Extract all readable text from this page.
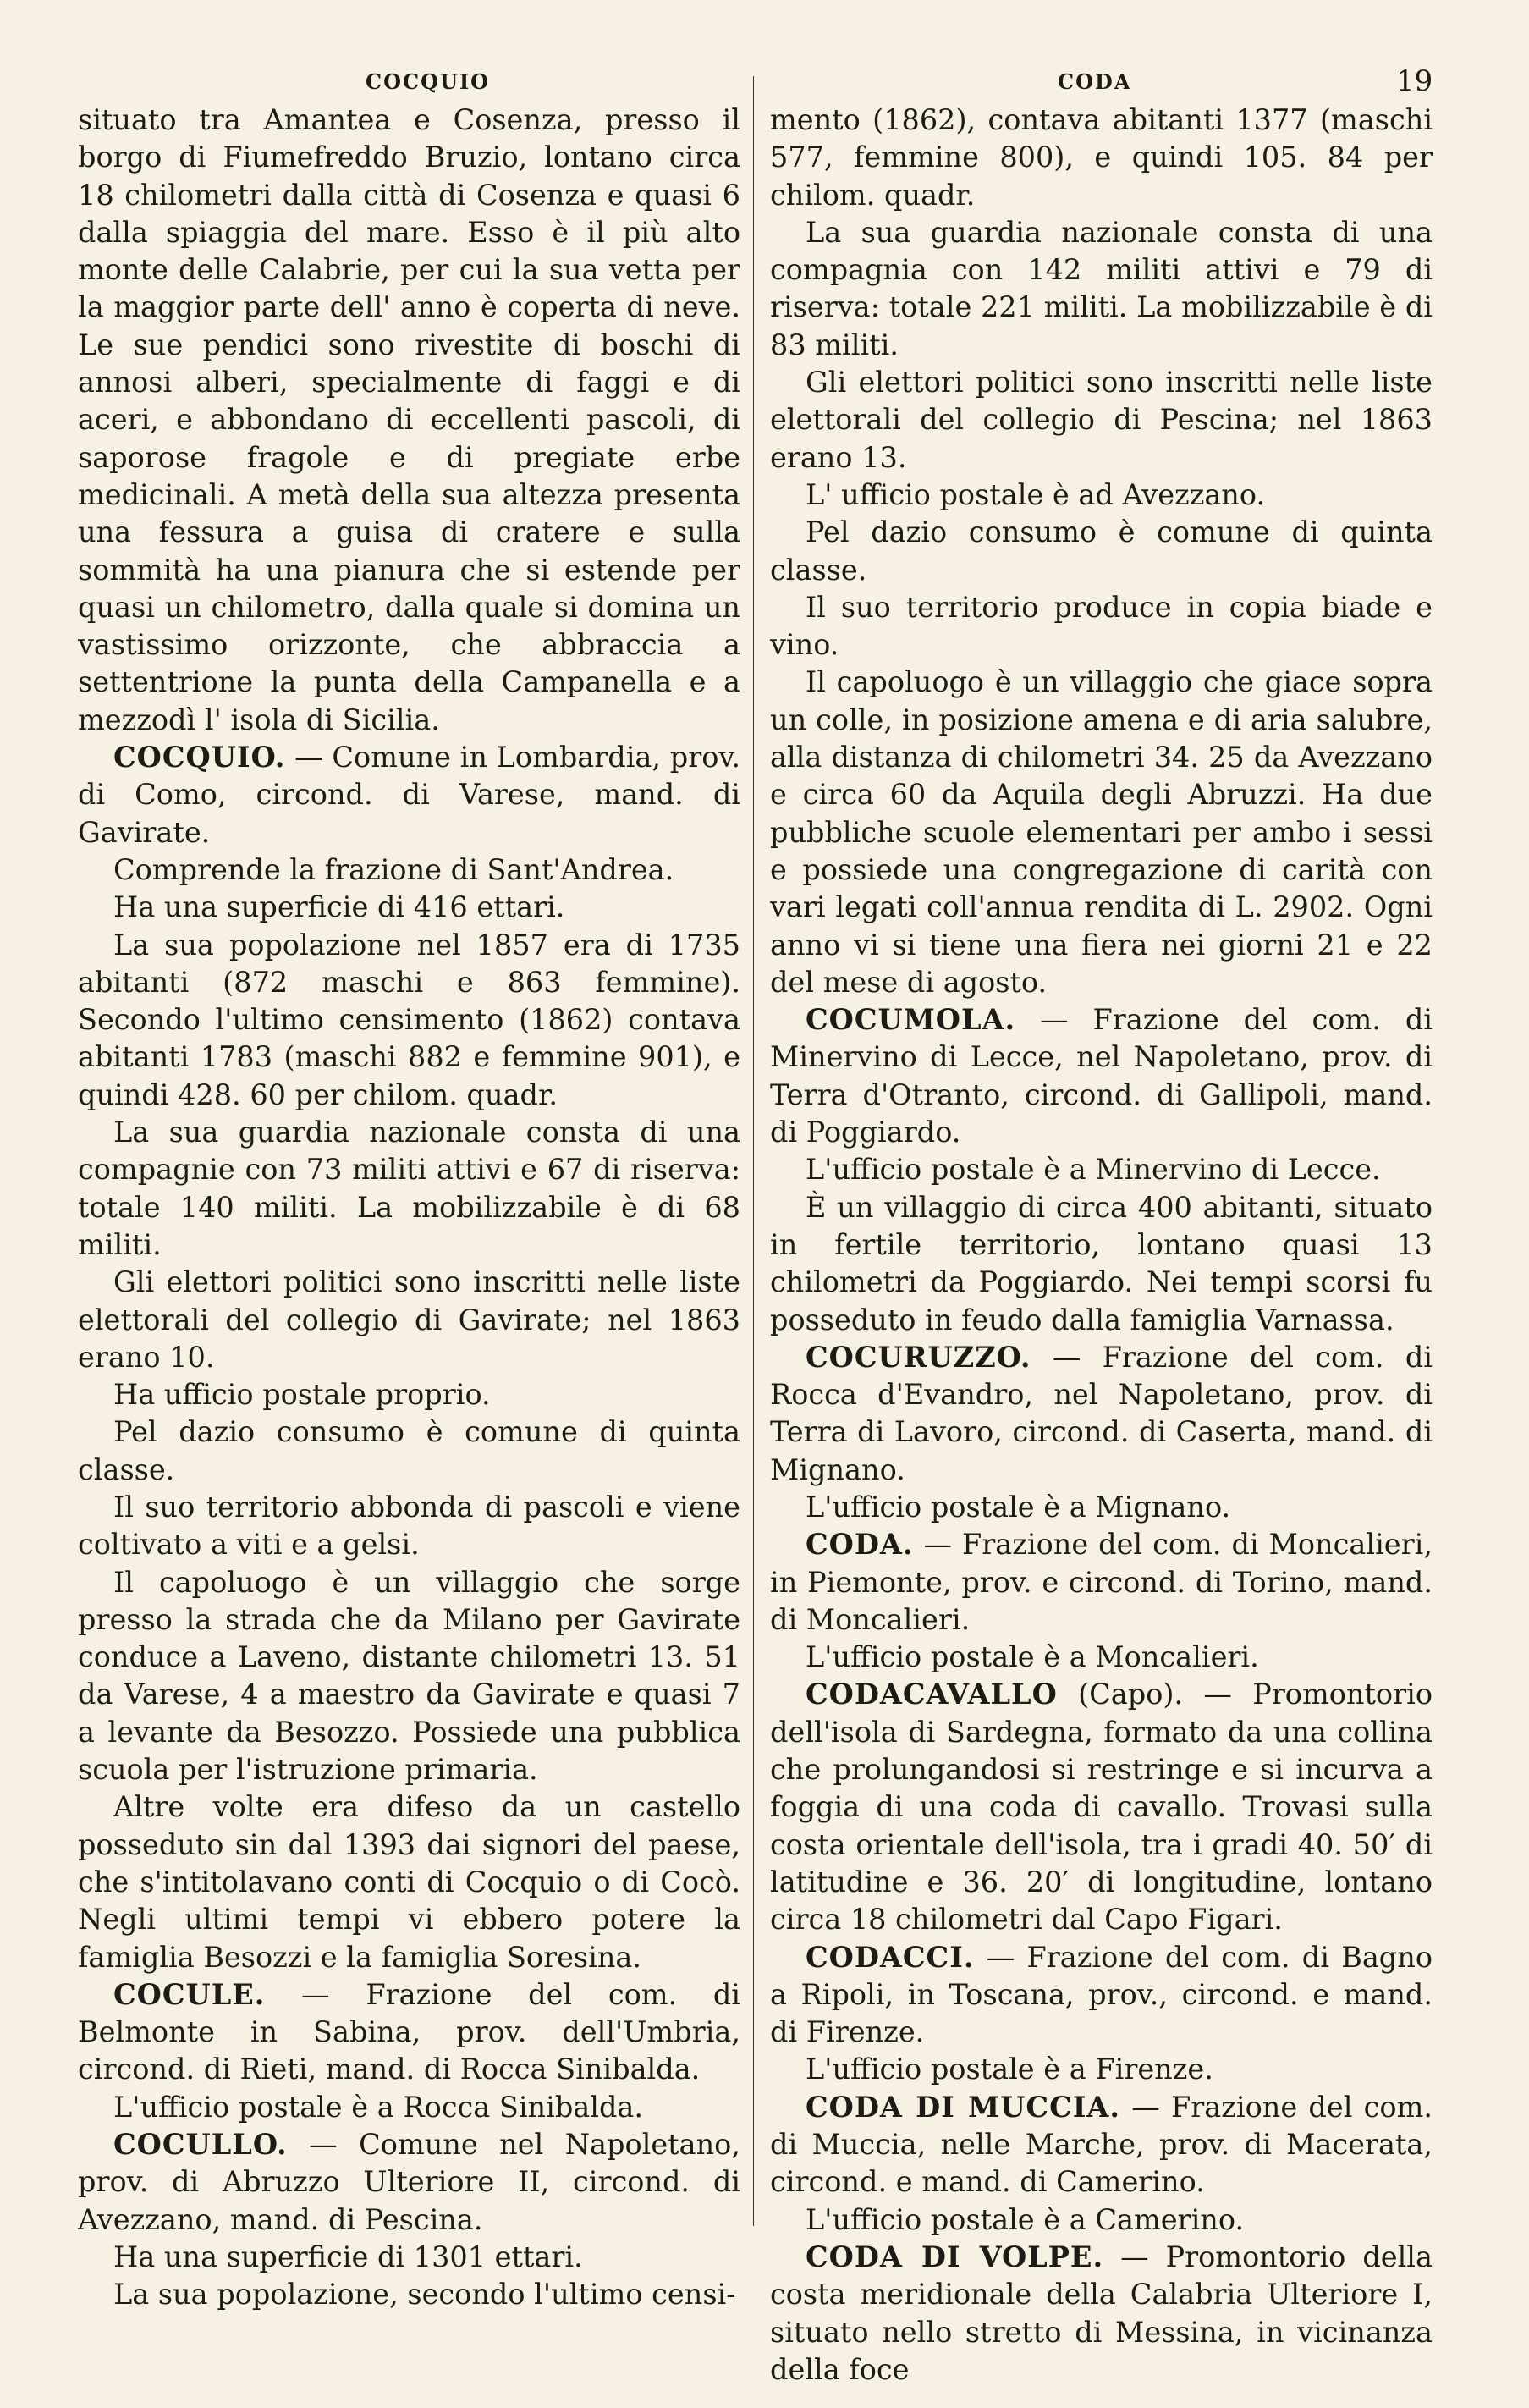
COCQUIO	CODA	19

situato tra Amantea e Cosenza, presso il borgo di Fiumefreddo Bruzio, lontano circa 18 chilometri dalla città di Cosenza e quasi 6 dalla spiaggia del mare. Esso è il più alto monte delle Calabrie, per cui la sua vetta per la maggior parte dell' anno è coperta di neve. Le sue pendici sono rivestite di boschi di annosi alberi, specialmente di faggi e di aceri, e abbondano di eccellenti pascoli, di saporose fragole e di pregiate erbe medicinali. A metà della sua altezza presenta una fessura a guisa di cratere e sulla sommità ha una pianura che si estende per quasi un chilometro, dalla quale si domina un vastissimo orizzonte, che abbraccia a settentrione la punta della Campanella e a mezzodì l' isola di Sicilia.

COCQUIO. — Comune in Lombardia, prov. di Como, circond. di Varese, mand. di Gavirate.

Comprende la frazione di Sant'Andrea.

Ha una superficie di 416 ettari.

La sua popolazione nel 1857 era di 1735 abitanti (872 maschi e 863 femmine). Secondo l'ultimo censimento (1862) contava abitanti 1783 (maschi 882 e femmine 901), e quindi 428. 60 per chilom. quadr.

La sua guardia nazionale consta di una compagnie con 73 militi attivi e 67 di riserva: totale 140 militi. La mobilizzabile è di 68 militi.

Gli elettori politici sono inscritti nelle liste elettorali del collegio di Gavirate; nel 1863 erano 10.

Ha ufficio postale proprio.

Pel dazio consumo è comune di quinta classe.

Il suo territorio abbonda di pascoli e viene coltivato a viti e a gelsi.

Il capoluogo è un villaggio che sorge presso la strada che da Milano per Gavirate conduce a Laveno, distante chilometri 13. 51 da Varese, 4 a maestro da Gavirate e quasi 7 a levante da Besozzo. Possiede una pubblica scuola per l'istruzione primaria.

Altre volte era difeso da un castello posseduto sin dal 1393 dai signori del paese, che s'intitolavano conti di Cocquio o di Cocò. Negli ultimi tempi vi ebbero potere la famiglia Besozzi e la famiglia Soresina.

COCULE. — Frazione del com. di Belmonte in Sabina, prov. dell'Umbria, circond. di Rieti, mand. di Rocca Sinibalda.

L'ufficio postale è a Rocca Sinibalda.

COCULLO. — Comune nel Napoletano, prov. di Abruzzo Ulteriore II, circond. di Avezzano, mand. di Pescina.

Ha una superficie di 1301 ettari.

La sua popolazione, secondo l'ultimo censi-

mento (1862), contava abitanti 1377 (maschi 577, femmine 800), e quindi 105. 84 per chilom. quadr.

La sua guardia nazionale consta di una compagnia con 142 militi attivi e 79 di riserva: totale 221 militi. La mobilizzabile è di 83 militi.

Gli elettori politici sono inscritti nelle liste elettorali del collegio di Pescina; nel 1863 erano 13.

L' ufficio postale è ad Avezzano.

Pel dazio consumo è comune di quinta classe.

Il suo territorio produce in copia biade e vino.

Il capoluogo è un villaggio che giace sopra un colle, in posizione amena e di aria salubre, alla distanza di chilometri 34. 25 da Avezzano e circa 60 da Aquila degli Abruzzi. Ha due pubbliche scuole elementari per ambo i sessi e possiede una congregazione di carità con vari legati coll'annua rendita di L. 2902. Ogni anno vi si tiene una fiera nei giorni 21 e 22 del mese di agosto.

COCUMOLA. — Frazione del com. di Minervino di Lecce, nel Napoletano, prov. di Terra d'Otranto, circond. di Gallipoli, mand. di Poggiardo.

L'ufficio postale è a Minervino di Lecce.

È un villaggio di circa 400 abitanti, situato in fertile territorio, lontano quasi 13 chilometri da Poggiardo. Nei tempi scorsi fu posseduto in feudo dalla famiglia Varnassa.

COCURUZZO. — Frazione del com. di Rocca d'Evandro, nel Napoletano, prov. di Terra di Lavoro, circond. di Caserta, mand. di Mignano.

L'ufficio postale è a Mignano.

CODA. — Frazione del com. di Moncalieri, in Piemonte, prov. e circond. di Torino, mand. di Moncalieri.

L'ufficio postale è a Moncalieri.

CODACAVALLO (Capo). — Promontorio dell'isola di Sardegna, formato da una collina che prolungandosi si restringe e si incurva a foggia di una coda di cavallo. Trovasi sulla costa orientale dell'isola, tra i gradi 40. 50′ di latitudine e 36. 20′ di longitudine, lontano circa 18 chilometri dal Capo Figari.

CODACCI. — Frazione del com. di Bagno a Ripoli, in Toscana, prov., circond. e mand. di Firenze.

L'ufficio postale è a Firenze.

CODA DI MUCCIA. — Frazione del com. di Muccia, nelle Marche, prov. di Macerata, circond. e mand. di Camerino.

L'ufficio postale è a Camerino.

CODA DI VOLPE. — Promontorio della costa meridionale della Calabria Ulteriore I, situato nello stretto di Messina, in vicinanza della foce
